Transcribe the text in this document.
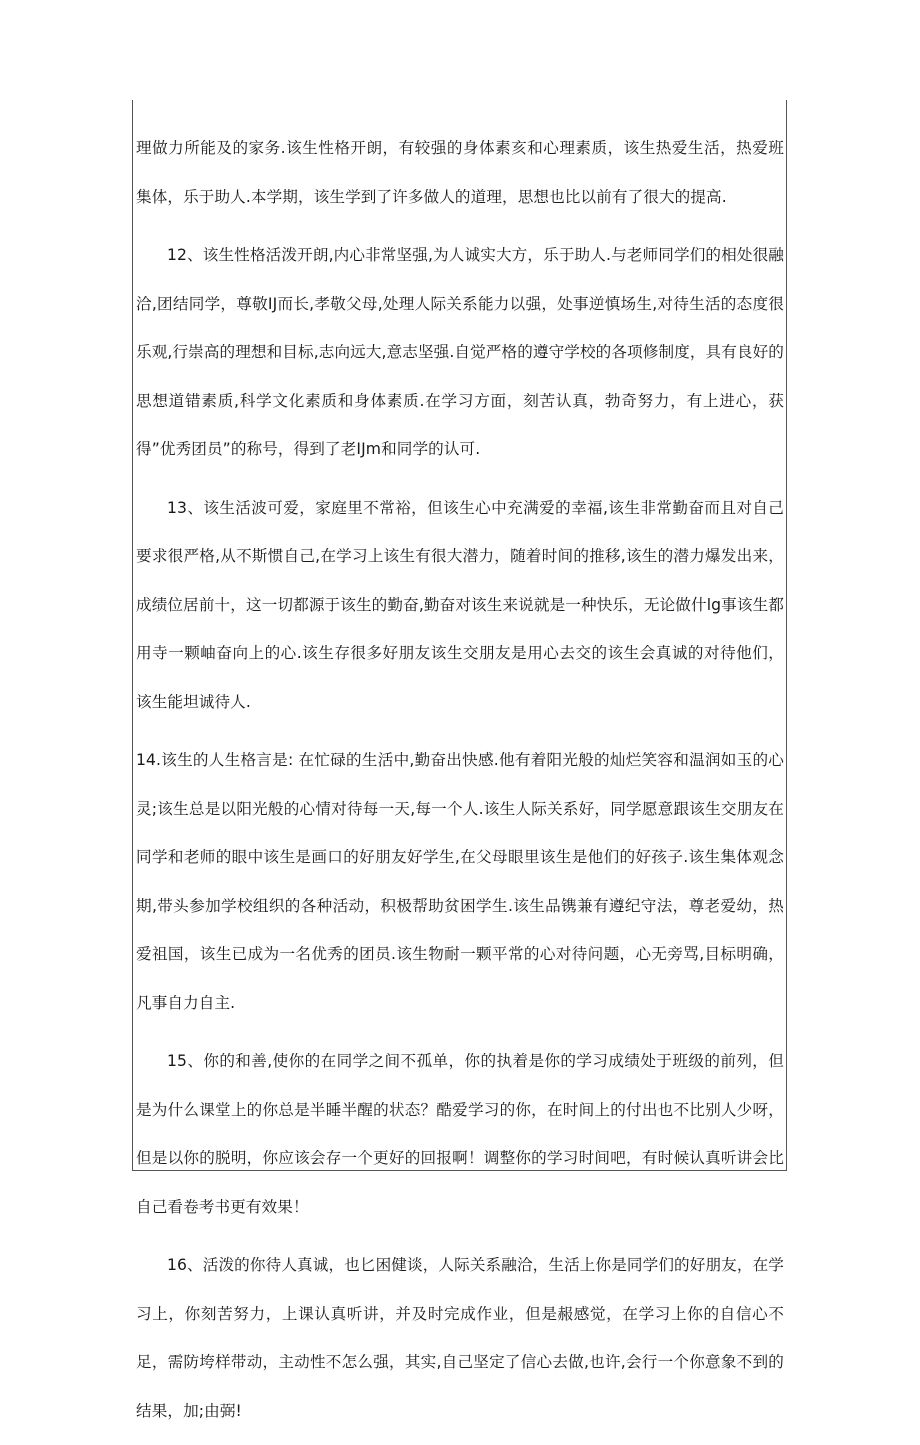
理做力所能及的家务.该生性格开朗，有较强的身体素亥和心理素质，该生热爱生活，热爱班集体，乐于助人.本学期，该生学到了许多做人的道理，思想也比以前有了很大的提高.

12、该生性格活泼开朗,内心非常坚强,为人诚实大方，乐于助人.与老师同学们的相处很融洽,团结同学，尊敬IJ而长,孝敬父母,处理人际关系能力以强，处事逆慎场生,对待生活的态度很乐观,行崇高的理想和目标,志向远大,意志坚强.自觉严格的遵守学校的各项修制度，具有良好的思想道错素质,科学文化素质和身体素质.在学习方面，刻苦认真，勃奇努力，有上进心，获得”优秀团员”的称号，得到了老IJm和同学的认可.

13、该生活波可爱，家庭里不常裕，但该生心中充满爱的幸福,该生非常勤奋而且对自己要求很严格,从不斯惯自己,在学习上该生有很大潜力，随着时间的推移,该生的潜力爆发出来，成绩位居前十，这一切都源于该生的勤奋,勤奋对该生来说就是一种快乐，无论做什lg事该生都用寺一颗岫奋向上的心.该生存很多好朋友该生交朋友是用心去交的该生会真诚的对待他们，该生能坦诚待人.

14.该生的人生格言是: 在忙碌的生活中,勤奋出快感.他有着阳光般的灿烂笑容和温润如玉的心灵;该生总是以阳光般的心情对待每一天,每一个人.该生人际关系好，同学愿意跟该生交朋友在同学和老师的眼中该生是画口的好朋友好学生,在父母眼里该生是他们的好孩子.该生集体观念期,带头参加学校组织的各种活动，积极帮助贫困学生.该生品镌兼有遵纪守法，尊老爱幼，热爱祖国，该生已成为一名优秀的团员.该生物耐一颗平常的心对待问题，心无旁骂,目标明确，凡事自力自主.

15、你的和善,使你的在同学之间不孤单，你的执着是你的学习成绩处于班级的前列，但是为什么课堂上的你总是半睡半醒的状态？酷爱学习的你，在时间上的付出也不比别人少呀，但是以你的脱明，你应该会存一个更好的回报啊！调整你的学习时间吧，有时候认真听讲会比自己看卷考书更有效果！

16、活泼的你待人真诚，也匕困健谈，人际关系融洽，生活上你是同学们的好朋友，在学习上，你刻苦努力，上课认真听讲，并及时完成作业，但是赧感觉，在学习上你的自信心不足，需防垮样带动，主动性不怎么强，其实,自己坚定了信心去做,也许,会行一个你意象不到的结果，加;由弼!
